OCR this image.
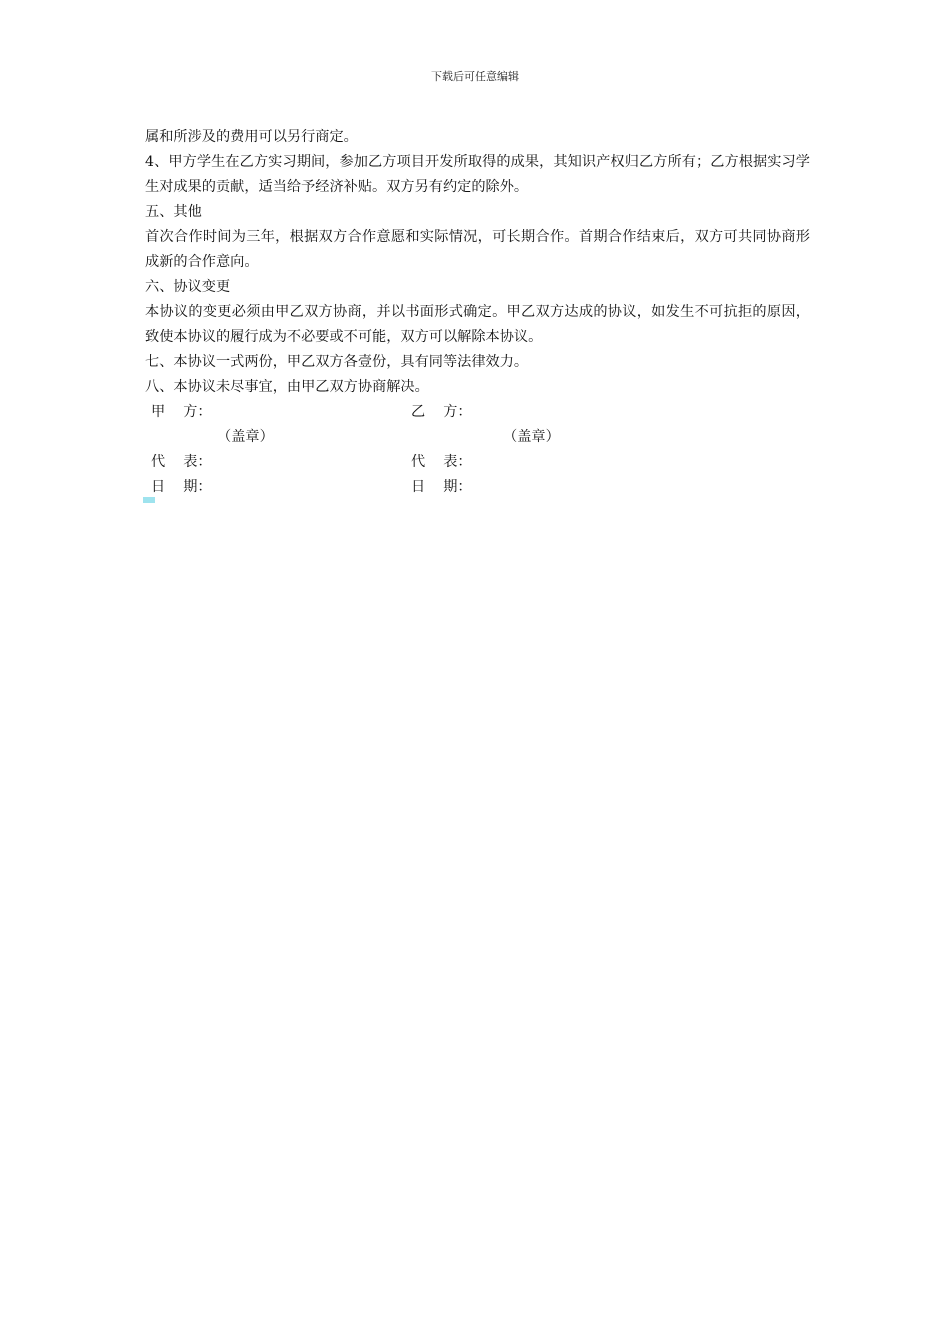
下载后可任意编辑

属和所涉及的费用可以另行商定。

4、甲方学生在乙方实习期间，参加乙方项目开发所取得的成果，其知识产权归乙方所有；乙方根据实习学生对成果的贡献，适当给予经济补贴。双方另有约定的除外。

五、其他

首次合作时间为三年，根据双方合作意愿和实际情况，可长期合作。首期合作结束后，双方可共同协商形成新的合作意向。

六、协议变更

本协议的变更必须由甲乙双方协商，并以书面形式确定。甲乙双方达成的协议，如发生不可抗拒的原因，致使本协议的履行成为不必要或不可能，双方可以解除本协议。

七、本协议一式两份，甲乙双方各壹份，具有同等法律效力。

八、本协议未尽事宜，由甲乙双方协商解决。

甲    方：	乙    方：
（盖章）	（盖章）
代    表：	代    表：
日    期：	日    期：
